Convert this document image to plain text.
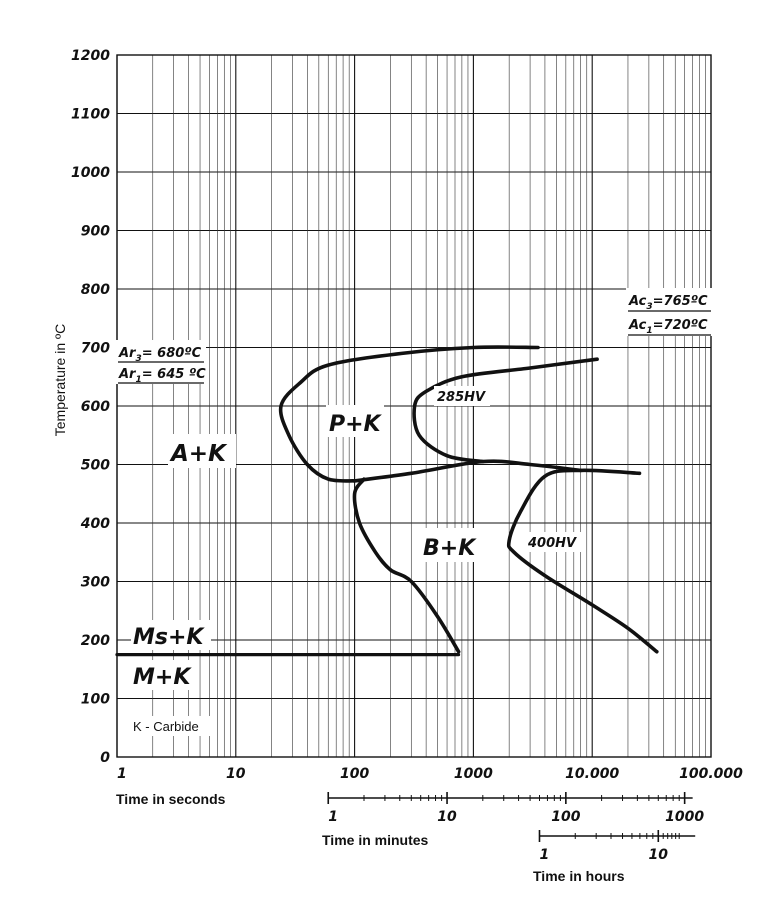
0
100
200
300
400
500
600
700
800
900
1000
1100
1200
1	10	100	1000	10.000	100.000
Temperature in ºC
A+K
P+K
B+K
Ms+K
M+K
285HV
400HV
K - Carbide
$Ar_3=$ 680ºC
$Ar_1= 645$ ºC
$Ac_3=765ºC$
$Ac_1=720ºC$
Time in seconds
1	10	100	1000
Time in minutes
1	10
Time in hours
